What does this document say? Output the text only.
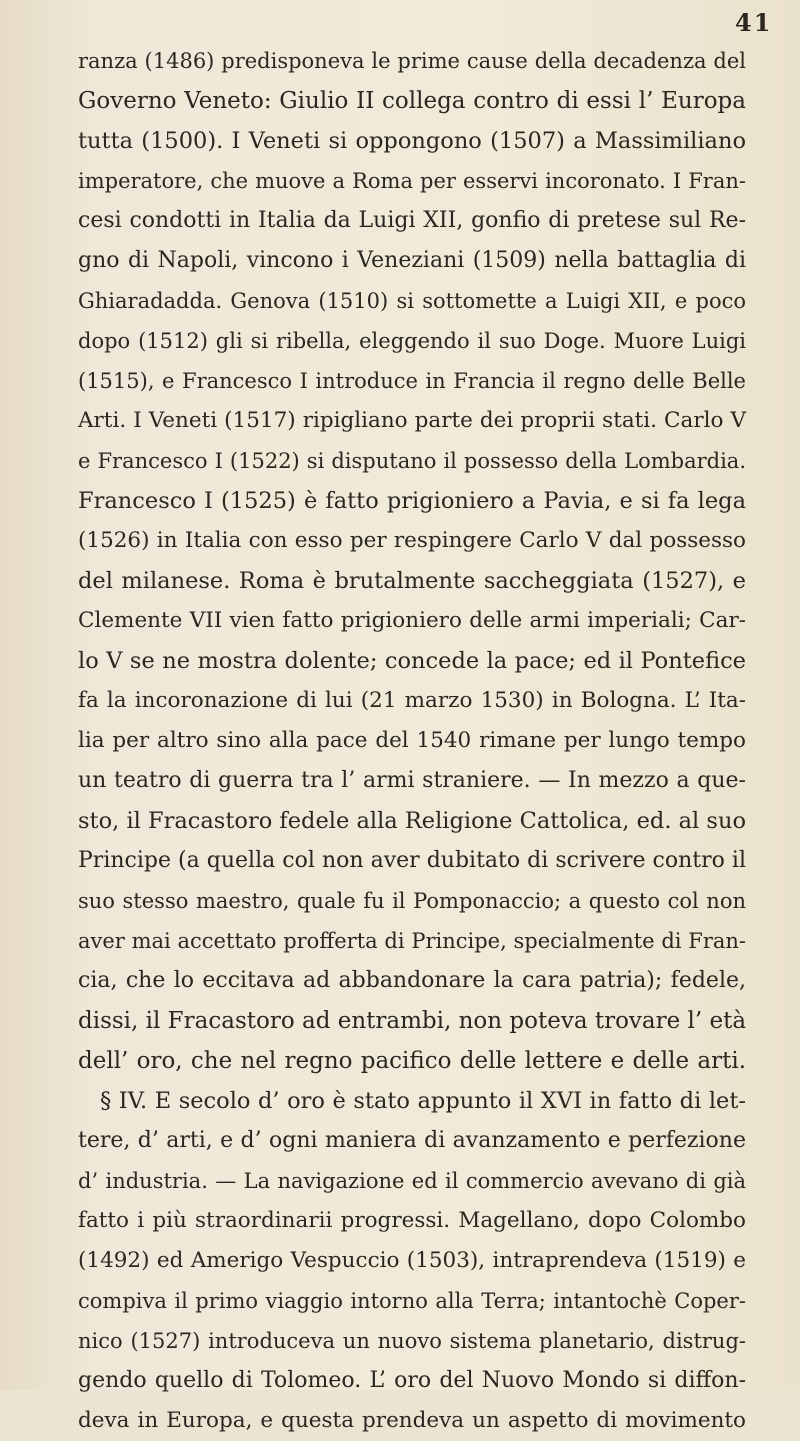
41
ranza (1486) predisponeva le prime cause della decadenza del
Governo Veneto: Giulio II collega contro di essi l’ Europa
tutta (1500). I Veneti si oppongono (1507) a Massimiliano
imperatore, che muove a Roma per esservi incoronato. I Fran-
cesi condotti in Italia da Luigi XII, gonfio di pretese sul Re-
gno di Napoli, vincono i Veneziani (1509) nella battaglia di
Ghiaradadda. Genova (1510) si sottomette a Luigi XII, e poco
dopo (1512) gli si ribella, eleggendo il suo Doge. Muore Luigi
(1515), e Francesco I introduce in Francia il regno delle Belle
Arti. I Veneti (1517) ripigliano parte dei proprii stati. Carlo V
e Francesco I (1522) si disputano il possesso della Lombardia.
Francesco I (1525) è fatto prigioniero a Pavia, e si fa lega
(1526) in Italia con esso per respingere Carlo V dal possesso
del milanese. Roma è brutalmente saccheggiata (1527), e
Clemente VII vien fatto prigioniero delle armi imperiali; Car-
lo V se ne mostra dolente; concede la pace; ed il Pontefice
fa la incoronazione di lui (21 marzo 1530) in Bologna. L’ Ita-
lia per altro sino alla pace del 1540 rimane per lungo tempo
un teatro di guerra tra l’ armi straniere. — In mezzo a que-
sto, il Fracastoro fedele alla Religione Cattolica, ed. al suo
Principe (a quella col non aver dubitato di scrivere contro il
suo stesso maestro, quale fu il Pomponaccio; a questo col non
aver mai accettato profferta di Principe, specialmente di Fran-
cia, che lo eccitava ad abbandonare la cara patria); fedele,
dissi, il Fracastoro ad entrambi, non poteva trovare l’ età
dell’ oro, che nel regno pacifico delle lettere e delle arti.
§ IV. E secolo d’ oro è stato appunto il XVI in fatto di let-
tere, d’ arti, e d’ ogni maniera di avanzamento e perfezione
d’ industria. — La navigazione ed il commercio avevano di già
fatto i più straordinarii progressi. Magellano, dopo Colombo
(1492) ed Amerigo Vespuccio (1503), intraprendeva (1519) e
compiva il primo viaggio intorno alla Terra; intantochè Coper-
nico (1527) introduceva un nuovo sistema planetario, distrug-
gendo quello di Tolomeo. L’ oro del Nuovo Mondo si diffon-
deva in Europa, e questa prendeva un aspetto di movimento
